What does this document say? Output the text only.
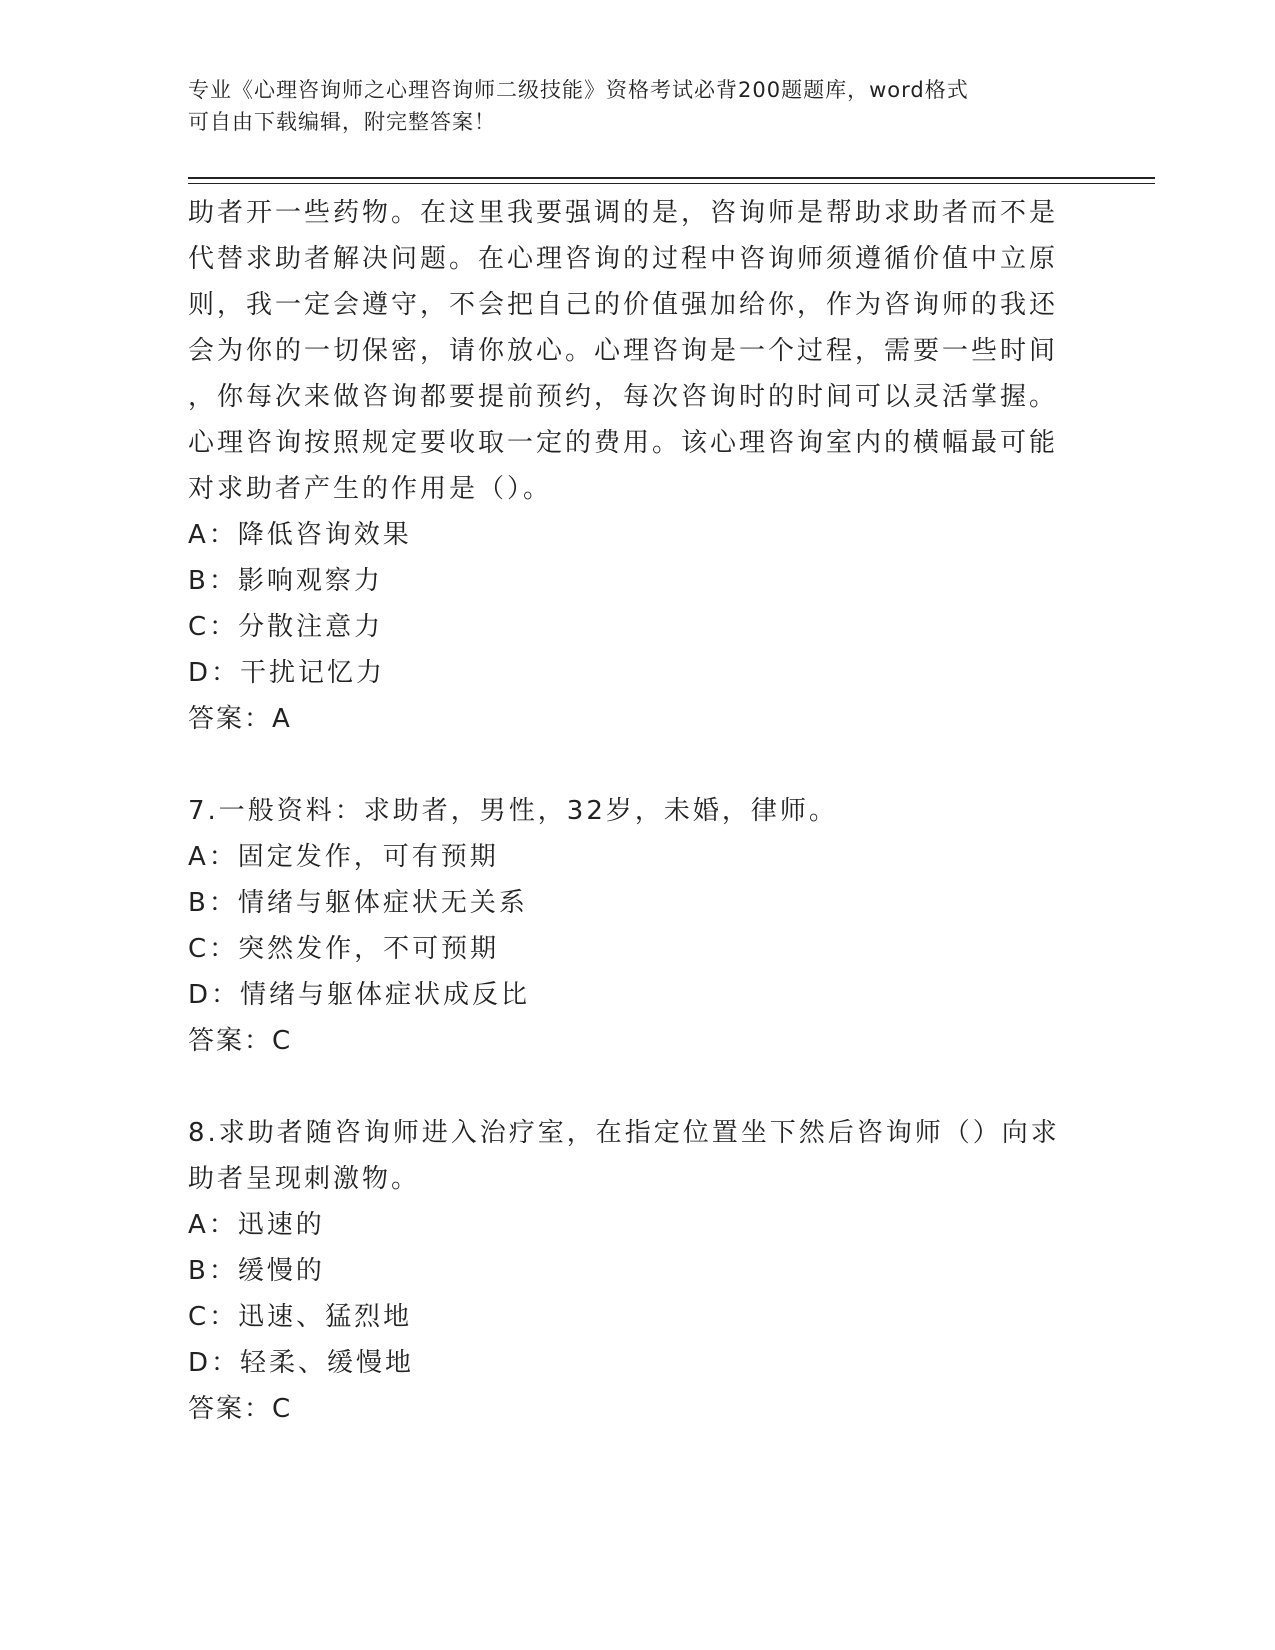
专业《心理咨询师之心理咨询师二级技能》资格考试必背200题题库，word格式
可自由下载编辑，附完整答案！
助者开一些药物。在这里我要强调的是，咨询师是帮助求助者而不是
代替求助者解决问题。在心理咨询的过程中咨询师须遵循价值中立原
则，我一定会遵守，不会把自己的价值强加给你，作为咨询师的我还
会为你的一切保密，请你放心。心理咨询是一个过程，需要一些时间
，你每次来做咨询都要提前预约，每次咨询时的时间可以灵活掌握。
心理咨询按照规定要收取一定的费用。该心理咨询室内的横幅最可能
对求助者产生的作用是（）。
A：降低咨询效果
B：影响观察力
C：分散注意力
D：干扰记忆力
答案：A
7.一般资料：求助者，男性，32岁，未婚，律师。
A：固定发作，可有预期
B：情绪与躯体症状无关系
C：突然发作，不可预期
D：情绪与躯体症状成反比
答案：C
8.求助者随咨询师进入治疗室，在指定位置坐下然后咨询师（）向求
助者呈现刺激物。
A：迅速的
B：缓慢的
C：迅速、猛烈地
D：轻柔、缓慢地
答案：C
